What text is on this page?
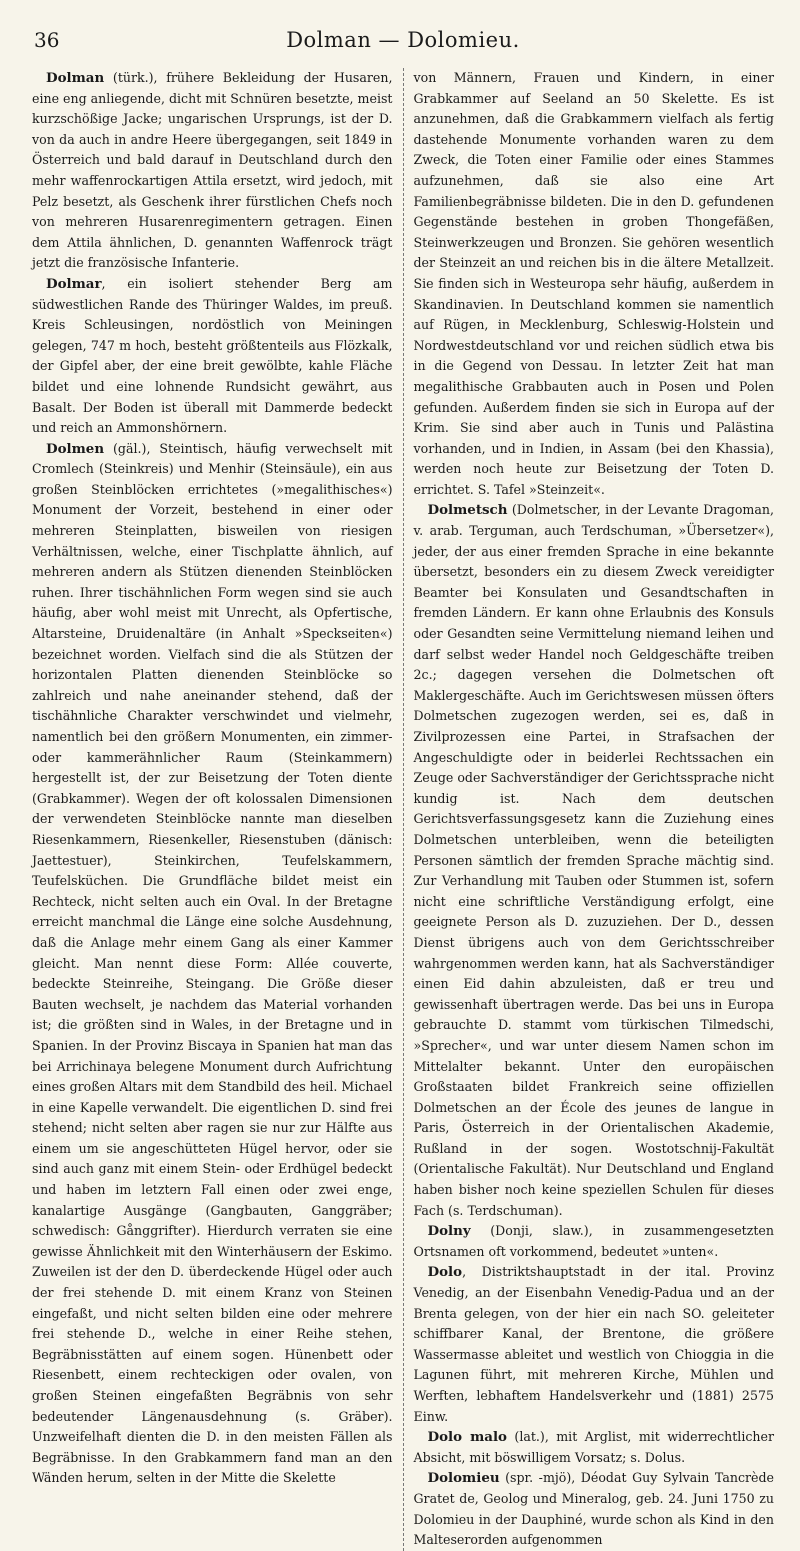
36	Dolman — Dolomieu.

Dolman (türk.), frühere Bekleidung der Husaren, eine eng anliegende, dicht mit Schnüren besetzte, meist kurzschößige Jacke; ungarischen Ursprungs, ist der D. von da auch in andre Heere übergegangen, seit 1849 in Österreich und bald darauf in Deutschland durch den mehr waffenrockartigen Attila ersetzt, wird jedoch, mit Pelz besetzt, als Geschenk ihrer fürstlichen Chefs noch von mehreren Husarenregimentern getragen. Einen dem Attila ähnlichen, D. genannten Waffenrock trägt jetzt die französische Infanterie.

Dolmar, ein isoliert stehender Berg am südwestlichen Rande des Thüringer Waldes, im preuß. Kreis Schleusingen, nordöstlich von Meiningen gelegen, 747 m hoch, besteht größtenteils aus Flözkalk, der Gipfel aber, der eine breit gewölbte, kahle Fläche bildet und eine lohnende Rundsicht gewährt, aus Basalt. Der Boden ist überall mit Dammerde bedeckt und reich an Ammonshörnern.

Dolmen (gäl.), Steintisch, häufig verwechselt mit Cromlech (Steinkreis) und Menhir (Steinsäule), ein aus großen Steinblöcken errichtetes (»megalithisches«) Monument der Vorzeit, bestehend in einer oder mehreren Steinplatten, bisweilen von riesigen Verhältnissen, welche, einer Tischplatte ähnlich, auf mehreren andern als Stützen dienenden Steinblöcken ruhen. Ihrer tischähnlichen Form wegen sind sie auch häufig, aber wohl meist mit Unrecht, als Opfertische, Altarsteine, Druidenaltäre (in Anhalt »Speckseiten«) bezeichnet worden. Vielfach sind die als Stützen der horizontalen Platten dienenden Steinblöcke so zahlreich und nahe aneinander stehend, daß der tischähnliche Charakter verschwindet und vielmehr, namentlich bei den größern Monumenten, ein zimmer- oder kammerähnlicher Raum (Steinkammern) hergestellt ist, der zur Beisetzung der Toten diente (Grabkammer). Wegen der oft kolossalen Dimensionen der verwendeten Steinblöcke nannte man dieselben Riesenkammern, Riesenkeller, Riesenstuben (dänisch: Jaettestuer), Steinkirchen, Teufelskammern, Teufelsküchen. Die Grundfläche bildet meist ein Rechteck, nicht selten auch ein Oval. In der Bretagne erreicht manchmal die Länge eine solche Ausdehnung, daß die Anlage mehr einem Gang als einer Kammer gleicht. Man nennt diese Form: Allée couverte, bedeckte Steinreihe, Steingang. Die Größe dieser Bauten wechselt, je nachdem das Material vorhanden ist; die größten sind in Wales, in der Bretagne und in Spanien. In der Provinz Biscaya in Spanien hat man das bei Arrichinaya belegene Monument durch Aufrichtung eines großen Altars mit dem Standbild des heil. Michael in eine Kapelle verwandelt. Die eigentlichen D. sind frei stehend; nicht selten aber ragen sie nur zur Hälfte aus einem um sie angeschütteten Hügel hervor, oder sie sind auch ganz mit einem Stein- oder Erdhügel bedeckt und haben im letztern Fall einen oder zwei enge, kanalartige Ausgänge (Gangbauten, Ganggräber; schwedisch: Gånggrifter). Hierdurch verraten sie eine gewisse Ähnlichkeit mit den Winterhäusern der Eskimo. Zuweilen ist der den D. überdeckende Hügel oder auch der frei stehende D. mit einem Kranz von Steinen eingefaßt, und nicht selten bilden eine oder mehrere frei stehende D., welche in einer Reihe stehen, Begräbnisstätten auf einem sogen. Hünenbett oder Riesenbett, einem rechteckigen oder ovalen, von großen Steinen eingefaßten Begräbnis von sehr bedeutender Längenausdehnung (s. Gräber). Unzweifelhaft dienten die D. in den meisten Fällen als Begräbnisse. In den Grabkammern fand man an den Wänden herum, selten in der Mitte die Skelette

von Männern, Frauen und Kindern, in einer Grabkammer auf Seeland an 50 Skelette. Es ist anzunehmen, daß die Grabkammern vielfach als fertig dastehende Monumente vorhanden waren zu dem Zweck, die Toten einer Familie oder eines Stammes aufzunehmen, daß sie also eine Art Familienbegräbnisse bildeten. Die in den D. gefundenen Gegenstände bestehen in groben Thongefäßen, Steinwerkzeugen und Bronzen. Sie gehören wesentlich der Steinzeit an und reichen bis in die ältere Metallzeit. Sie finden sich in Westeuropa sehr häufig, außerdem in Skandinavien. In Deutschland kommen sie namentlich auf Rügen, in Mecklenburg, Schleswig-Holstein und Nordwestdeutschland vor und reichen südlich etwa bis in die Gegend von Dessau. In letzter Zeit hat man megalithische Grabbauten auch in Posen und Polen gefunden. Außerdem finden sie sich in Europa auf der Krim. Sie sind aber auch in Tunis und Palästina vorhanden, und in Indien, in Assam (bei den Khassia), werden noch heute zur Beisetzung der Toten D. errichtet. S. Tafel »Steinzeit«.

Dolmetsch (Dolmetscher, in der Levante Dragoman, v. arab. Terguman, auch Terdschuman, »Übersetzer«), jeder, der aus einer fremden Sprache in eine bekannte übersetzt, besonders ein zu diesem Zweck vereidigter Beamter bei Konsulaten und Gesandtschaften in fremden Ländern. Er kann ohne Erlaubnis des Konsuls oder Gesandten seine Vermittelung niemand leihen und darf selbst weder Handel noch Geldgeschäfte treiben 2c.; dagegen versehen die Dolmetschen oft Maklergeschäfte. Auch im Gerichtswesen müssen öfters Dolmetschen zugezogen werden, sei es, daß in Zivilprozessen eine Partei, in Strafsachen der Angeschuldigte oder in beiderlei Rechtssachen ein Zeuge oder Sachverständiger der Gerichtssprache nicht kundig ist. Nach dem deutschen Gerichtsverfassungsgesetz kann die Zuziehung eines Dolmetschen unterbleiben, wenn die beteiligten Personen sämtlich der fremden Sprache mächtig sind. Zur Verhandlung mit Tauben oder Stummen ist, sofern nicht eine schriftliche Verständigung erfolgt, eine geeignete Person als D. zuzuziehen. Der D., dessen Dienst übrigens auch von dem Gerichtsschreiber wahrgenommen werden kann, hat als Sachverständiger einen Eid dahin abzuleisten, daß er treu und gewissenhaft übertragen werde. Das bei uns in Europa gebrauchte D. stammt vom türkischen Tilmedschi, »Sprecher«, und war unter diesem Namen schon im Mittelalter bekannt. Unter den europäischen Großstaaten bildet Frankreich seine offiziellen Dolmetschen an der École des jeunes de langue in Paris, Österreich in der Orientalischen Akademie, Rußland in der sogen. Wostotschnij-Fakultät (Orientalische Fakultät). Nur Deutschland und England haben bisher noch keine speziellen Schulen für dieses Fach (s. Terdschuman).

Dolny (Donji, slaw.), in zusammengesetzten Ortsnamen oft vorkommend, bedeutet »unten«.

Dolo, Distriktshauptstadt in der ital. Provinz Venedig, an der Eisenbahn Venedig-Padua und an der Brenta gelegen, von der hier ein nach SO. geleiteter schiffbarer Kanal, der Brentone, die größere Wassermasse ableitet und westlich von Chioggia in die Lagunen führt, mit mehreren Kirche, Mühlen und Werften, lebhaftem Handelsverkehr und (1881) 2575 Einw.

Dolo malo (lat.), mit Arglist, mit widerrechtlicher Absicht, mit böswilligem Vorsatz; s. Dolus.

Dolomieu (spr. -mjö), Déodat Guy Sylvain Tancrède Gratet de, Geolog und Mineralog, geb. 24. Juni 1750 zu Dolomieu in der Dauphiné, wurde schon als Kind in den Malteserorden aufgenommen
